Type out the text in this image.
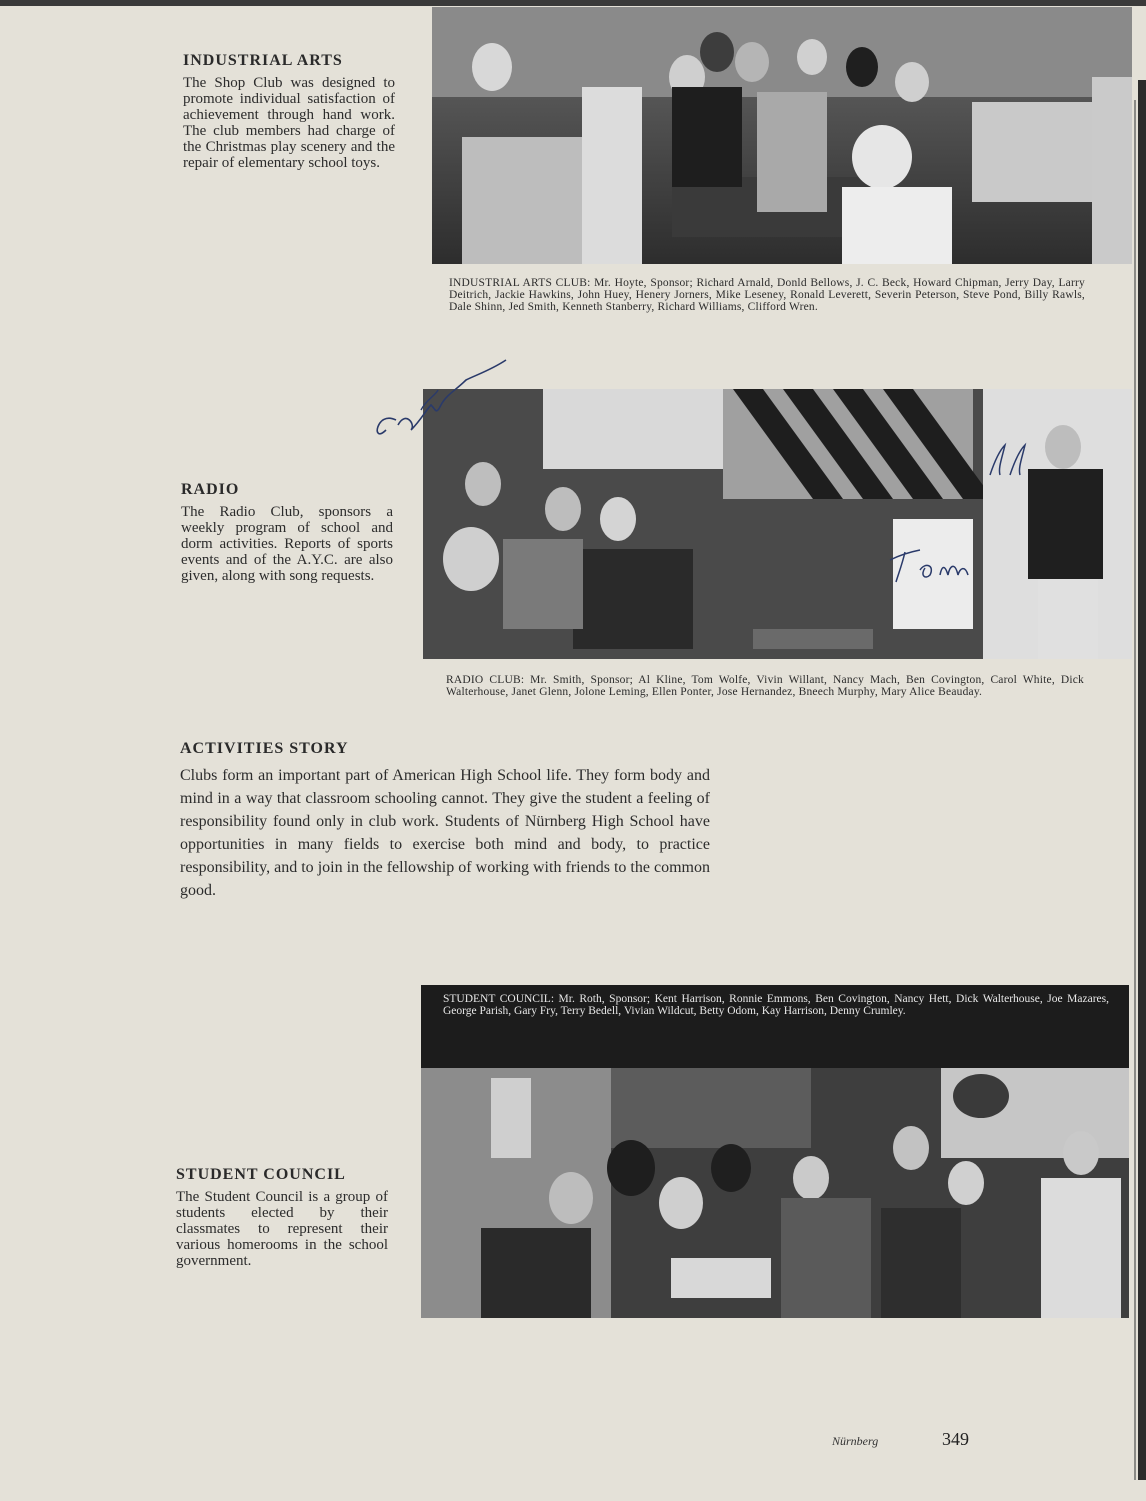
INDUSTRIAL ARTS

The Shop Club was designed to promote individual satisfaction of achievement through hand work. The club members had charge of the Christmas play scenery and the repair of elementary school toys.

INDUSTRIAL ARTS CLUB: Mr. Hoyte, Sponsor; Richard Arnald, Donld Bellows, J. C. Beck, Howard Chipman, Jerry Day, Larry Deitrich, Jackie Hawkins, John Huey, Henery Jorners, Mike Leseney, Ronald Leverett, Severin Peterson, Steve Pond, Billy Rawls, Dale Shinn, Jed Smith, Kenneth Stanberry, Richard Williams, Clifford Wren.

RADIO

The Radio Club, sponsors a weekly program of school and dorm activities. Reports of sports events and of the A.Y.C. are also given, along with song requests.

RADIO CLUB: Mr. Smith, Sponsor; Al Kline, Tom Wolfe, Vivin Willant, Nancy Mach, Ben Covington, Carol White, Dick Walterhouse, Janet Glenn, Jolone Leming, Ellen Ponter, Jose Hernandez, Bneech Murphy, Mary Alice Beauday.

ACTIVITIES STORY

Clubs form an important part of American High School life. They form body and mind in a way that classroom schooling cannot. They give the student a feeling of responsibility found only in club work. Students of Nürnberg High School have opportunities in many fields to exercise both mind and body, to practice responsibility, and to join in the fellowship of working with friends to the common good.

STUDENT COUNCIL: Mr. Roth, Sponsor; Kent Harrison, Ronnie Emmons, Ben Covington, Nancy Hett, Dick Walterhouse, Joe Mazares, George Parish, Gary Fry, Terry Bedell, Vivian Wildcut, Betty Odom, Kay Harrison, Denny Crumley.
STUDENT COUNCIL

The Student Council is a group of students elected by their classmates to represent their various homerooms in the school government.

Nürnberg	349
